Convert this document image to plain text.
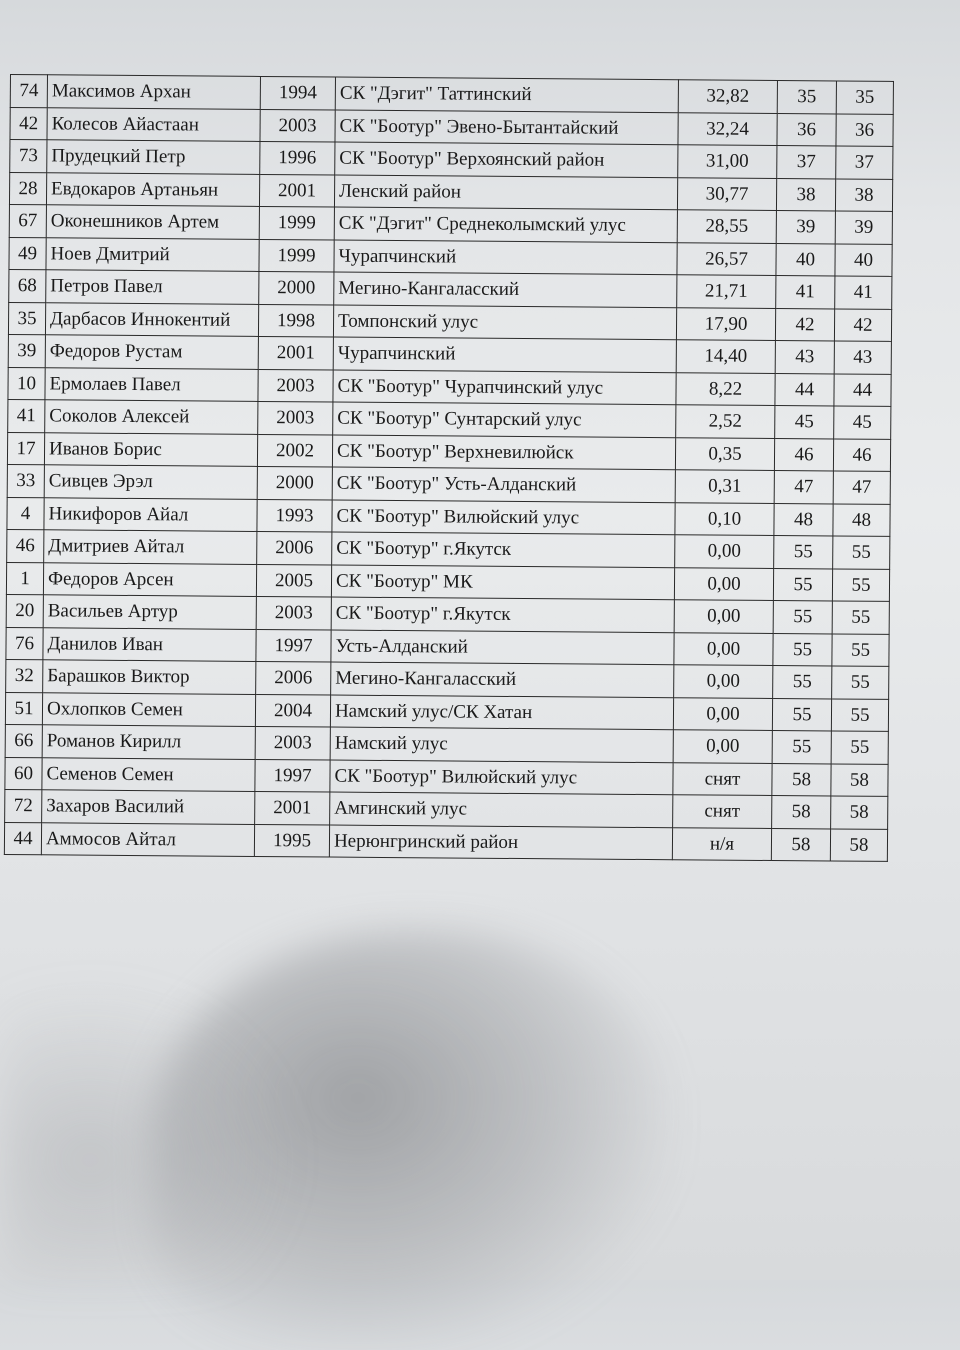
74	Максимов Архан	1994	СК "Дэгит" Таттинский	32,82	35	35
42	Колесов Айастаан	2003	СК "Боотур" Эвено-Бытантайский	32,24	36	36
73	Прудецкий Петр	1996	СК "Боотур" Верхоянский район	31,00	37	37
28	Евдокаров Артаньян	2001	Ленский район	30,77	38	38
67	Оконешников Артем	1999	СК "Дэгит" Среднеколымский улус	28,55	39	39
49	Ноев Дмитрий	1999	Чурапчинский	26,57	40	40
68	Петров Павел	2000	Мегино-Кангаласский	21,71	41	41
35	Дарбасов Иннокентий	1998	Томпонский улус	17,90	42	42
39	Федоров Рустам	2001	Чурапчинский	14,40	43	43
10	Ермолаев Павел	2003	СК "Боотур" Чурапчинский улус	8,22	44	44
41	Соколов Алексей	2003	СК "Боотур" Сунтарский улус	2,52	45	45
17	Иванов Борис	2002	СК "Боотур" Верхневилюйск	0,35	46	46
33	Сивцев Эрэл	2000	СК "Боотур" Усть-Алданский	0,31	47	47
4	Никифоров Айал	1993	СК "Боотур" Вилюйский улус	0,10	48	48
46	Дмитриев Айтал	2006	СК "Боотур" г.Якутск	0,00	55	55
1	Федоров Арсен	2005	СК "Боотур" МК	0,00	55	55
20	Васильев Артур	2003	СК "Боотур" г.Якутск	0,00	55	55
76	Данилов Иван	1997	Усть-Алданский	0,00	55	55
32	Барашков Виктор	2006	Мегино-Кангаласский	0,00	55	55
51	Охлопков Семен	2004	Намский улус/СК Хатан	0,00	55	55
66	Романов Кирилл	2003	Намский улус	0,00	55	55
60	Семенов Семен	1997	СК "Боотур" Вилюйский улус	снят	58	58
72	Захаров Василий	2001	Амгинский улус	снят	58	58
44	Аммосов Айтал	1995	Нерюнгринский район	н/я	58	58
